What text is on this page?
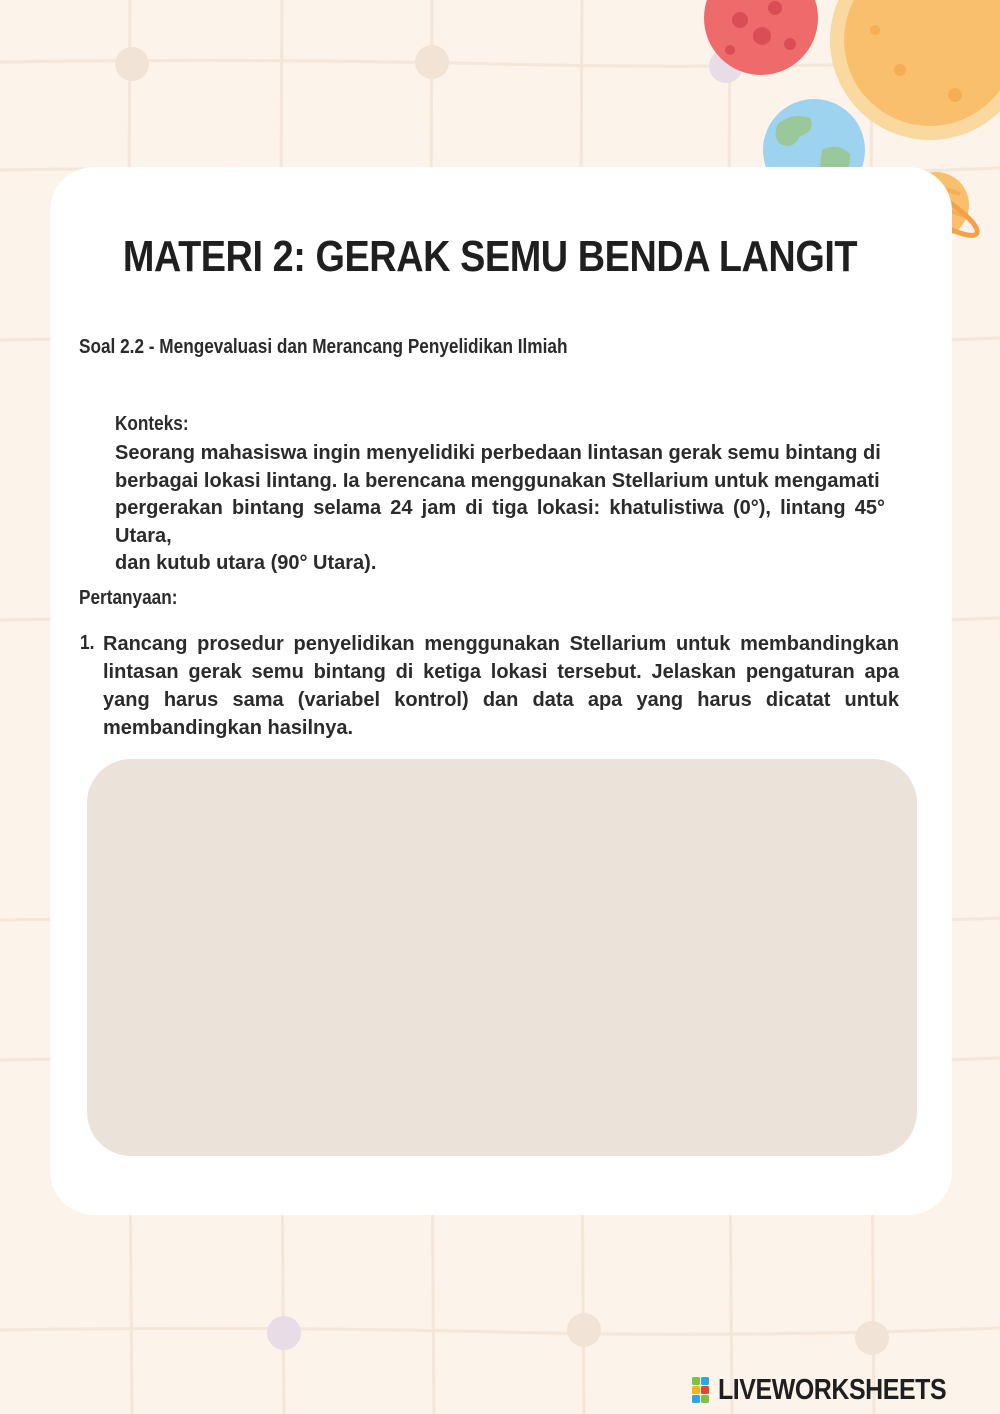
MATERI 2: GERAK SEMU BENDA LANGIT
Soal 2.2 - Mengevaluasi dan Merancang Penyelidikan Ilmiah
Konteks:
Seorang mahasiswa ingin menyelidiki perbedaan lintasan gerak semu bintang di
berbagai lokasi lintang. Ia berencana menggunakan Stellarium untuk mengamati
pergerakan bintang selama 24 jam di tiga lokasi: khatulistiwa (0°), lintang 45° Utara,
dan kutub utara (90° Utara).
Pertanyaan:
1. Rancang prosedur penyelidikan menggunakan Stellarium untuk membandingkan lintasan gerak semu bintang di ketiga lokasi tersebut. Jelaskan pengaturan apa yang harus sama (variabel kontrol) dan data apa yang harus dicatat untuk membandingkan hasilnya.
LIVEWORKSHEETS
